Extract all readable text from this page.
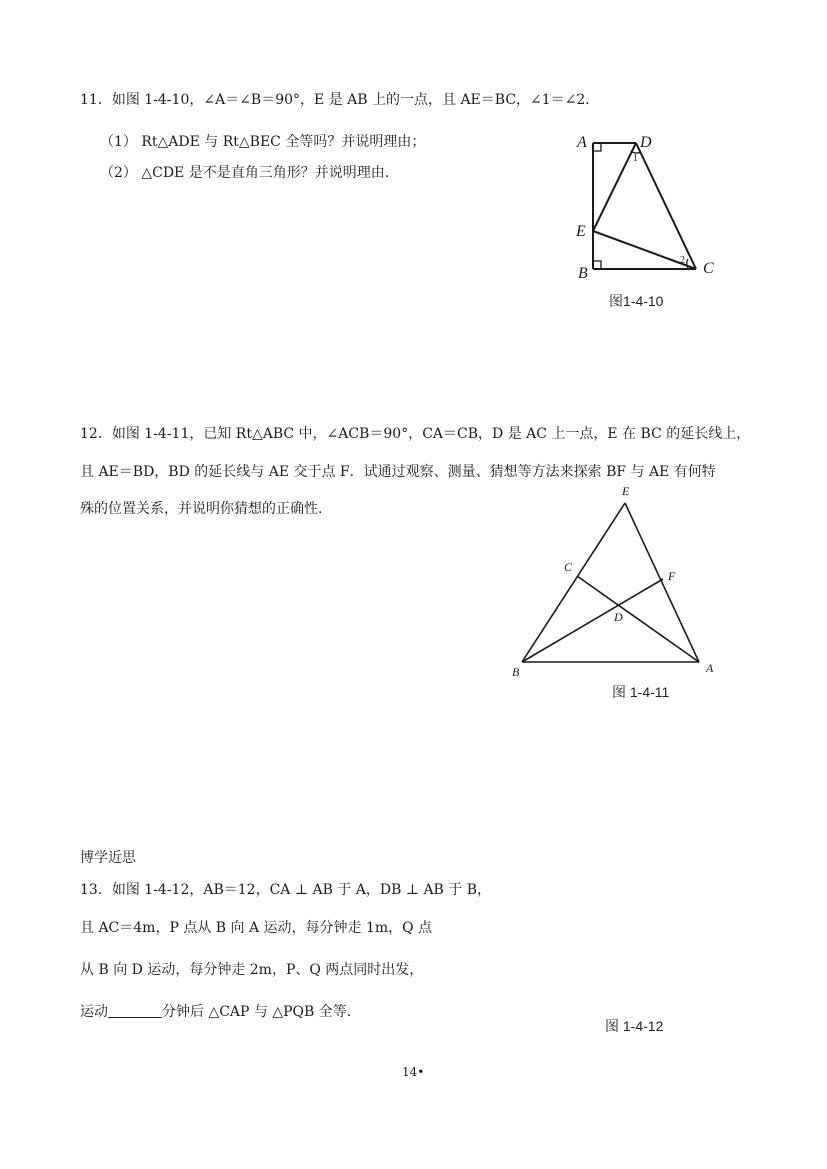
11．如图 1-4-10，∠A＝∠B＝90°，E 是 AB 上的一点，且 AE＝BC，∠1＝∠2．
（1） Rt△ADE 与 Rt△BEC 全等吗？并说明理由；
（2） △CDE 是不是直角三角形？并说明理由.
A	D
E
B	C
1
2
图1-4-10
12．如图 1-4-11，已知 Rt△ABC 中，∠ACB＝90°，CA＝CB，D 是 AC 上一点，E 在 BC 的延长线上，
且 AE＝BD，BD 的延长线与 AE 交于点 F．试通过观察、测量、猜想等方法来探索 BF 与 AE 有何特
殊的位置关系，并说明你猜想的正确性.
E
C
F
D
B	A
图 1-4-11
博学近思
13．如图 1-4-12，AB＝12，CA ⊥ AB 于 A，DB ⊥ AB 于 B，
且 AC＝4m，P 点从 B 向 A 运动，每分钟走 1m，Q 点
从 B 向 D 运动，每分钟走 2m，P、Q 两点同时出发，
运动	分钟后 △CAP 与 △PQB 全等.
图 1-4-12
14•
